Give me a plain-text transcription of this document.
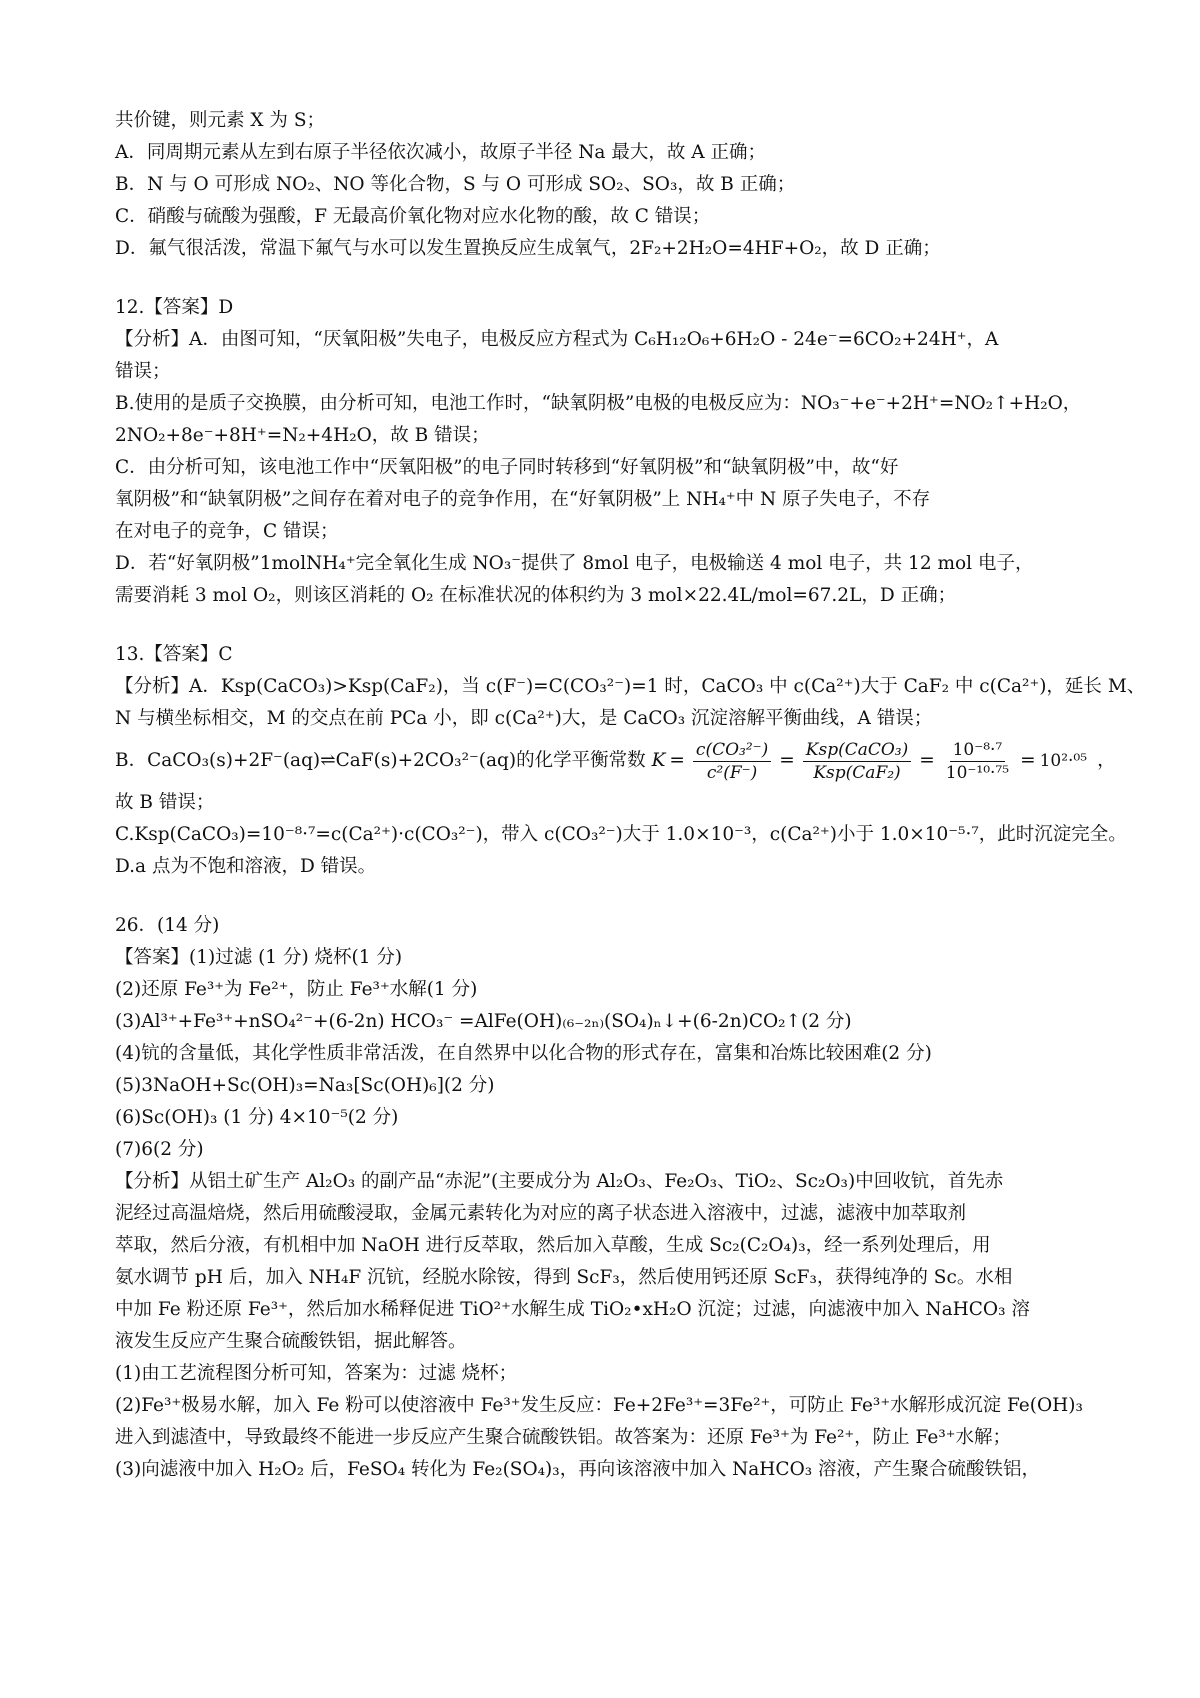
共价键，则元素 X 为 S；
A．同周期元素从左到右原子半径依次减小，故原子半径 Na 最大，故 A 正确；
B．N 与 O 可形成 NO₂、NO 等化合物，S 与 O 可形成 SO₂、SO₃，故 B 正确；
C．硝酸与硫酸为强酸，F 无最高价氧化物对应水化物的酸，故 C 错误；
D．氟气很活泼，常温下氟气与水可以发生置换反应生成氧气，2F₂+2H₂O=4HF+O₂，故 D 正确；
12.【答案】D
【分析】A．由图可知，“厌氧阳极”失电子，电极反应方程式为 C₆H₁₂O₆+6H₂O - 24e⁻=6CO₂+24H⁺，A
错误；
B.使用的是质子交换膜，由分析可知，电池工作时，“缺氧阴极”电极的电极反应为：NO₃⁻+e⁻+2H⁺=NO₂↑+H₂O，
2NO₂+8e⁻+8H⁺=N₂+4H₂O，故 B 错误；
C．由分析可知，该电池工作中“厌氧阳极”的电子同时转移到“好氧阴极”和“缺氧阴极”中，故“好
氧阴极”和“缺氧阴极”之间存在着对电子的竞争作用，在“好氧阴极”上 NH₄⁺中 N 原子失电子，不存
在对电子的竞争，C 错误；
D．若“好氧阴极”1molNH₄⁺完全氧化生成 NO₃⁻提供了 8mol 电子，电极输送 4 mol 电子，共 12 mol 电子，
需要消耗 3 mol O₂，则该区消耗的 O₂ 在标准状况的体积约为 3 mol×22.4L/mol=67.2L，D 正确；
13.【答案】C
【分析】A．Ksp(CaCO₃)>Ksp(CaF₂)，当 c(F⁻)=C(CO₃²⁻)=1 时，CaCO₃ 中 c(Ca²⁺)大于 CaF₂ 中 c(Ca²⁺)，延长 M、
N 与横坐标相交，M 的交点在前 PCa 小，即 c(Ca²⁺)大，是 CaCO₃ 沉淀溶解平衡曲线，A 错误；
B．CaCO₃(s)+2F⁻(aq)⇌CaF(s)+2CO₃²⁻(aq)的化学平衡常数 $K = \frac{\text{c(CO₃²⁻)}}{\text{c²(F⁻)}} = \frac{\text{Ksp(CaCO₃)}}{\text{Ksp(CaF₂)}} = \frac{\text{10⁻⁸·⁷}}{\text{10⁻¹⁰·⁷⁵}} = 10^2\cdot^{05}$ ，
故 B 错误；
C.Ksp(CaCO₃)=10⁻⁸·⁷=c(Ca²⁺)·c(CO₃²⁻)，带入 c(CO₃²⁻)大于 1.0×10⁻³，c(Ca²⁺)小于 1.0×10⁻⁵·⁷，此时沉淀完全。
D.a 点为不饱和溶液，D 错误。
26．(14 分)
【答案】(1)过滤 (1 分) 烧杯(1 分)
(2)还原 Fe³⁺为 Fe²⁺，防止 Fe³⁺水解(1 分)
(3)Al³⁺+Fe³⁺+nSO₄²⁻+(6-2n) HCO₃⁻ =AlFe(OH)₍₆₋₂ₙ₎(SO₄)ₙ↓+(6-2n)CO₂↑(2 分)
(4)钪的含量低，其化学性质非常活泼，在自然界中以化合物的形式存在，富集和冶炼比较困难(2 分)
(5)3NaOH+Sc(OH)₃=Na₃[Sc(OH)₆](2 分)
(6)Sc(OH)₃ (1 分) 4×10⁻⁵(2 分)
(7)6(2 分)
【分析】从铝土矿生产 Al₂O₃ 的副产品“赤泥”(主要成分为 Al₂O₃、Fe₂O₃、TiO₂、Sc₂O₃)中回收钪，首先赤
泥经过高温焙烧，然后用硫酸浸取，金属元素转化为对应的离子状态进入溶液中，过滤，滤液中加萃取剂
萃取，然后分液，有机相中加 NaOH 进行反萃取，然后加入草酸，生成 Sc₂(C₂O₄)₃，经一系列处理后，用
氨水调节 pH 后，加入 NH₄F 沉钪，经脱水除铵，得到 ScF₃，然后使用钙还原 ScF₃，获得纯净的 Sc。水相
中加 Fe 粉还原 Fe³⁺，然后加水稀释促进 TiO²⁺水解生成 TiO₂•xH₂O 沉淀；过滤，向滤液中加入 NaHCO₃ 溶
液发生反应产生聚合硫酸铁铝，据此解答。
(1)由工艺流程图分析可知，答案为：过滤 烧杯；
(2)Fe³⁺极易水解，加入 Fe 粉可以使溶液中 Fe³⁺发生反应：Fe+2Fe³⁺=3Fe²⁺，可防止 Fe³⁺水解形成沉淀 Fe(OH)₃
进入到滤渣中，导致最终不能进一步反应产生聚合硫酸铁铝。故答案为：还原 Fe³⁺为 Fe²⁺，防止 Fe³⁺水解；
(3)向滤液中加入 H₂O₂ 后，FeSO₄ 转化为 Fe₂(SO₄)₃，再向该溶液中加入 NaHCO₃ 溶液，产生聚合硫酸铁铝，
